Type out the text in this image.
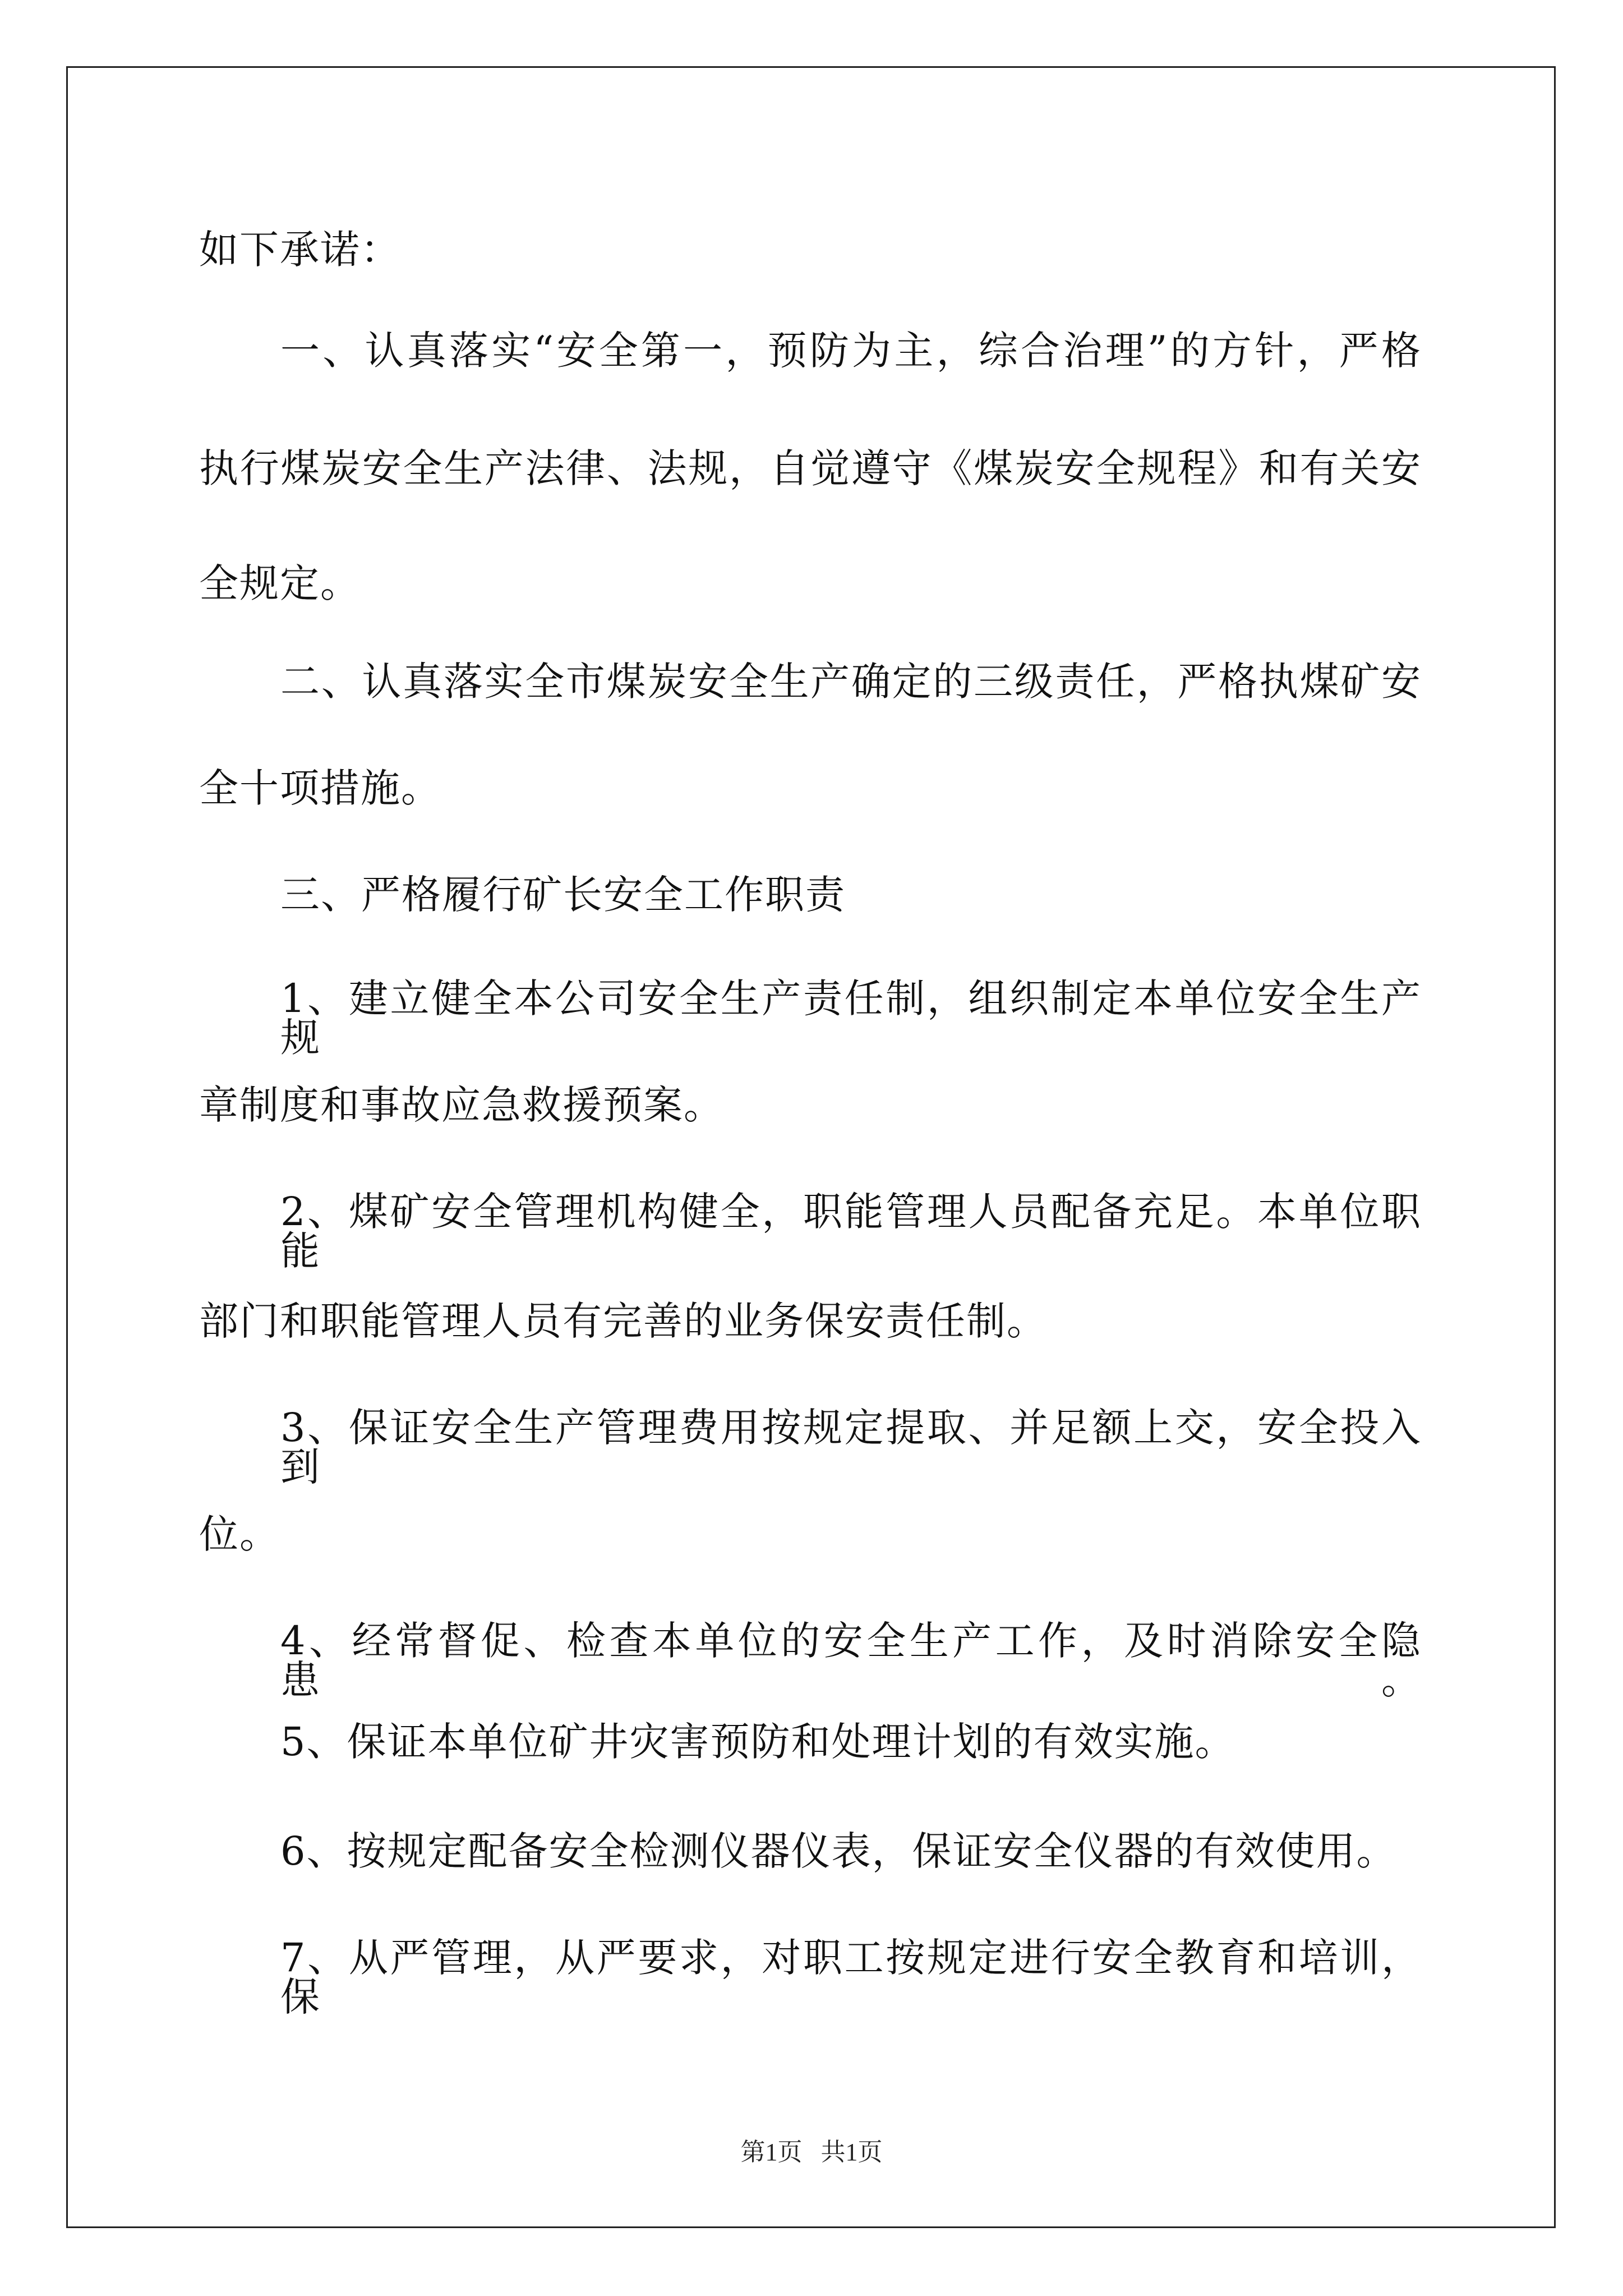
如下承诺：
一、认真落实“安全第一，预防为主，综合治理”的方针，严格
执行煤炭安全生产法律、法规，自觉遵守《煤炭安全规程》和有关安
全规定。
二、认真落实全市煤炭安全生产确定的三级责任，严格执煤矿安
全十项措施。
三、严格履行矿长安全工作职责
1、建立健全本公司安全生产责任制，组织制定本单位安全生产规
章制度和事故应急救援预案。
2、煤矿安全管理机构健全，职能管理人员配备充足。本单位职能
部门和职能管理人员有完善的业务保安责任制。
3、保证安全生产管理费用按规定提取、并足额上交，安全投入到
位。
4、经常督促、检查本单位的安全生产工作，及时消除安全隐患。
5、保证本单位矿井灾害预防和处理计划的有效实施。
6、按规定配备安全检测仪器仪表，保证安全仪器的有效使用。
7、从严管理，从严要求，对职工按规定进行安全教育和培训，保
第1页   共1页
